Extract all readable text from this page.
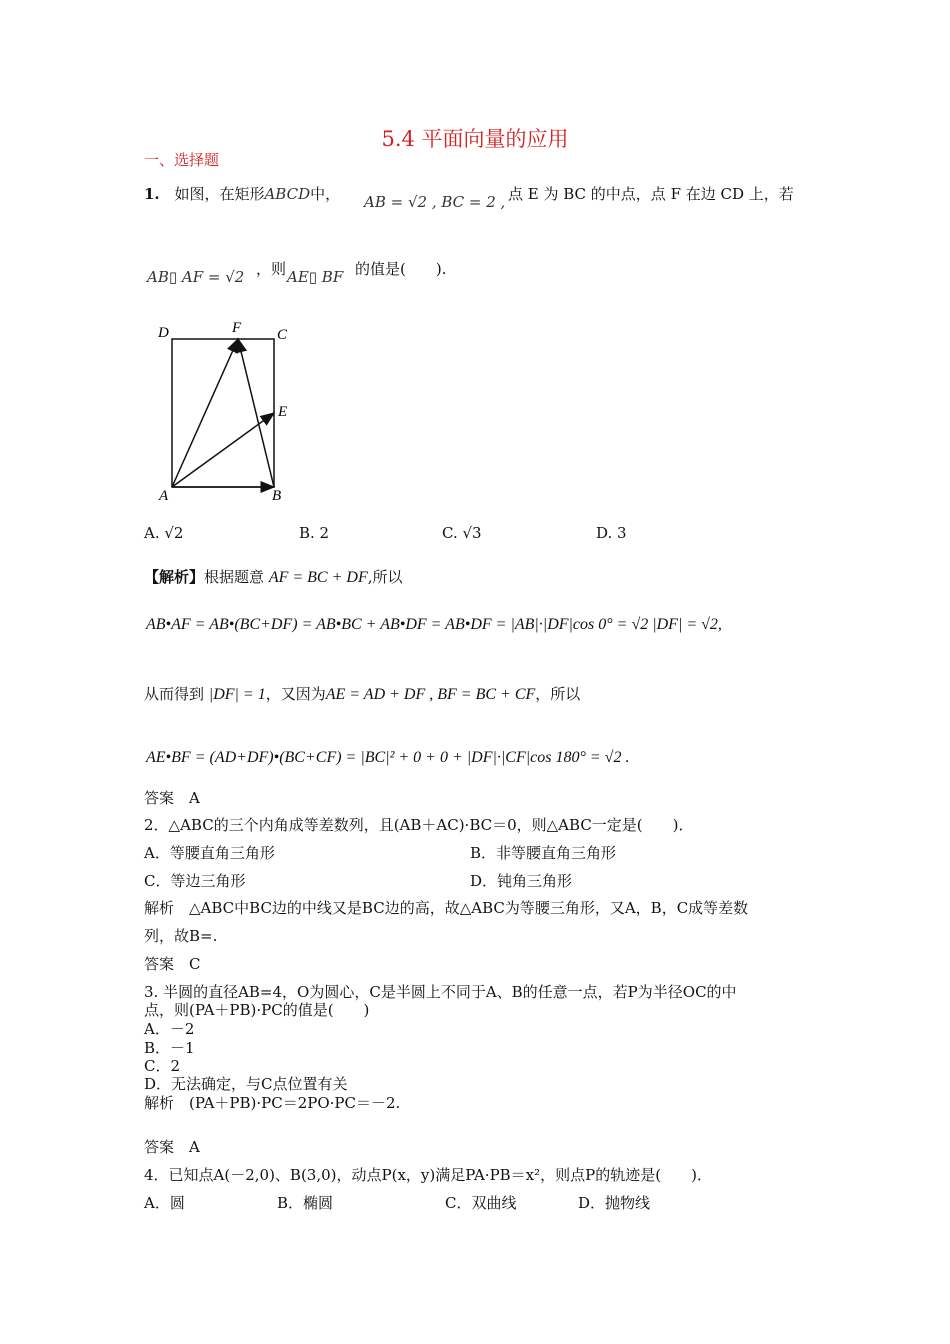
5.4 平面向量的应用
一、选择题
1. 如图，在矩形ABCD中， AB = √2 , BC = 2 , 点 E 为 BC 的中点，点 F 在边 CD 上，若
AB▯ AF = √2 ，则 AE▯ BF 的值是(　　).
D	F C
E
A	B
A. √2	B. 2	C. √3	D. 3
【解析】根据题意 AF = BC + DF,所以
AB•AF = AB•(BC+DF) = AB•BC + AB•DF = AB•DF = |AB|·|DF|cos 0° = √2 |DF| = √2,
从而得到 |DF| = 1，又因为AE = AD + DF , BF = BC + CF，所以
AE•BF = (AD+DF)•(BC+CF) = |BC|² + 0 + 0 + |DF|·|CF|cos 180° = √2 .
答案　A
2．△ABC的三个内角成等差数列，且(AB＋AC)·BC＝0，则△ABC一定是(　　)．
A．等腰直角三角形	B．非等腰直角三角形
C．等边三角形	D．钝角三角形
解析　△ABC中BC边的中线又是BC边的高，故△ABC为等腰三角形，又A，B，C成等差数
列，故B=.
答案　C
3. 半圆的直径AB=4，O为圆心，C是半圆上不同于A、B的任意一点，若P为半径OC的中
点，则(PA＋PB)·PC的值是(　　)
A．－2
B．－1
C．2
D．无法确定，与C点位置有关
解析　(PA＋PB)·PC＝2PO·PC＝－2.
答案　A
4．已知点A(－2,0)、B(3,0)，动点P(x，y)满足PA·PB＝x²，则点P的轨迹是(　　)．
A．圆	B．椭圆	C．双曲线	D．抛物线
